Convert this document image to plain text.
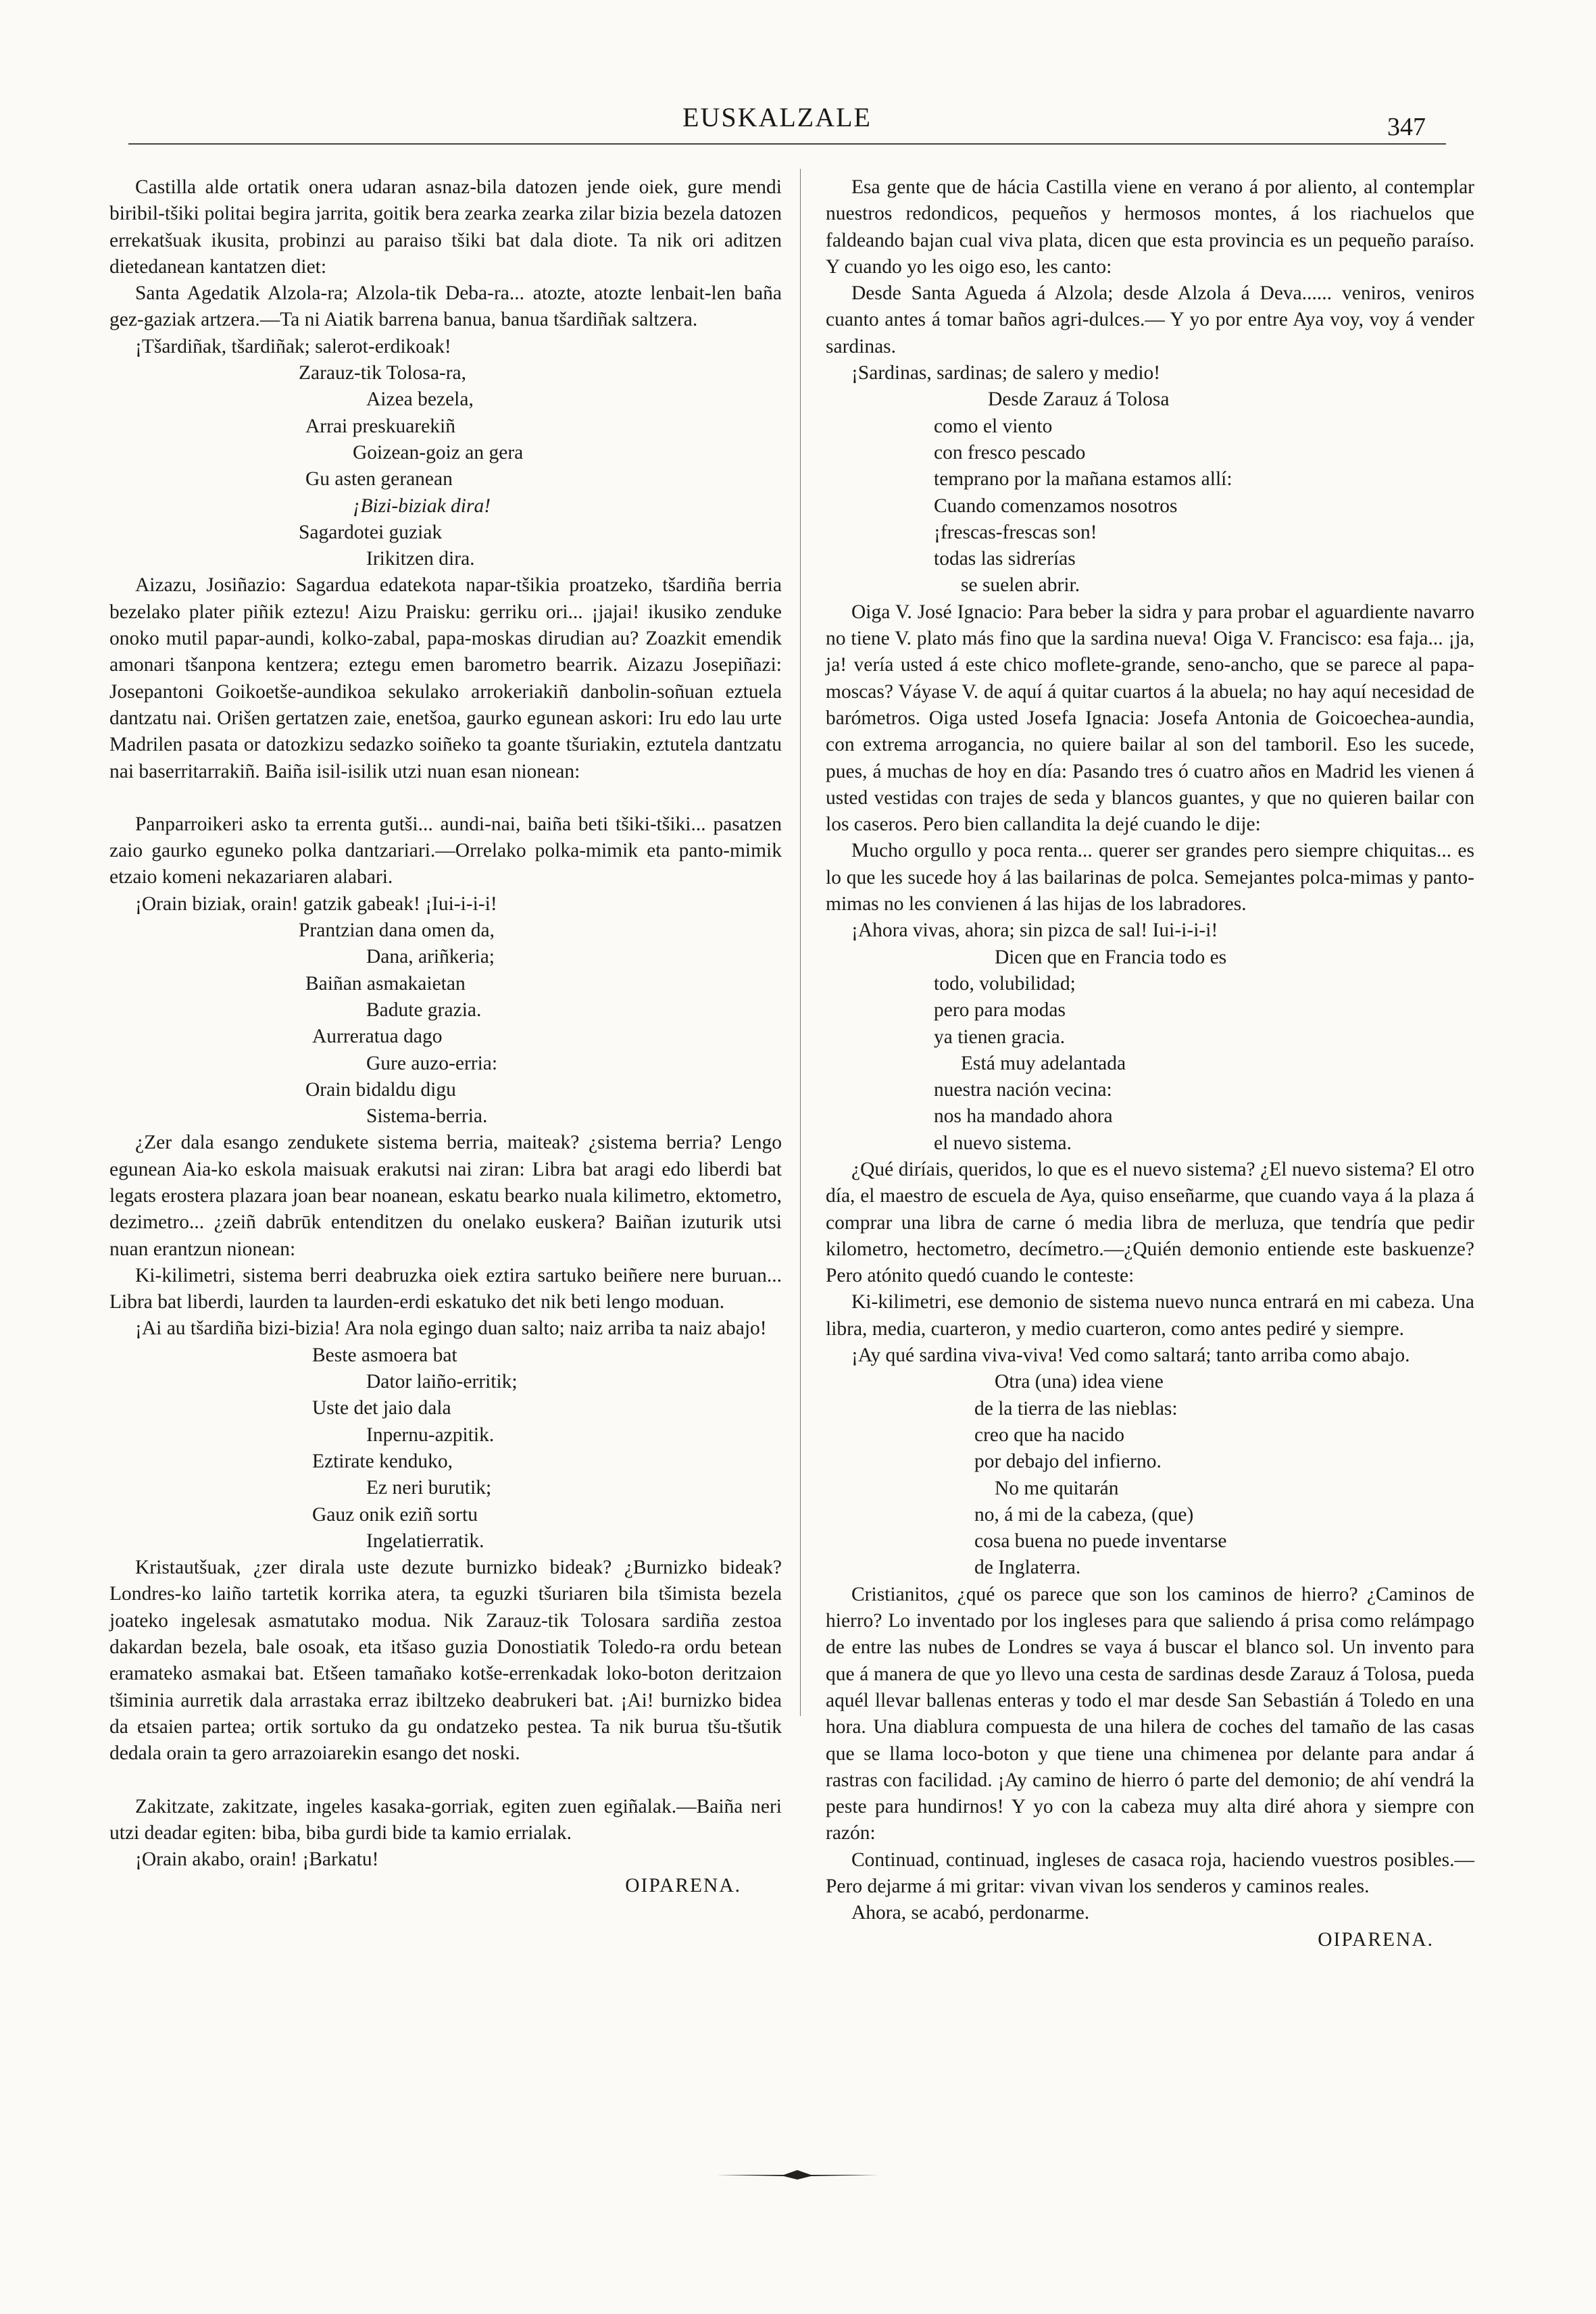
EUSKALZALE	347

Castilla alde ortatik onera udaran asnaz-bila datozen jende oiek, gure mendi biribil-tšiki politai begira jarrita, goitik bera zearka zearka zilar bizia bezela datozen errekatšuak ikusita, probinzi au paraiso tšiki bat dala diote. Ta nik ori aditzen dietedanean kantatzen diet:

Santa Agedatik Alzola-ra; Alzola-tik Deba-ra... atozte, atozte lenbait-len baña gez-gaziak artzera.—Ta ni Aiatik barrena banua, banua tšardiñak saltzera.

¡Tšardiñak, tšardiñak; salerot-erdikoak!

Zarauz-tik Tolosa-ra,
Aizea bezela,
Arrai preskuarekiñ
Goizean-goiz an gera
Gu asten geranean
¡Bizi-biziak dira!
Sagardotei guziak
Irikitzen dira.

Aizazu, Josiñazio: Sagardua edatekota napar-tšikia proatzeko, tšardiña berria bezelako plater piñik eztezu! Aizu Praisku: gerriku ori... ¡jajai! ikusiko zenduke onoko mutil papar-aundi, kolko-zabal, papa-moskas dirudian au? Zoazkit emendik amonari tšanpona kentzera; eztegu emen barometro bearrik. Aizazu Josepiñazi: Josepantoni Goikoetše-aundikoa sekulako arrokeriakiñ danbolin-soñuan eztuela dantzatu nai. Orišen gertatzen zaie, enetšoa, gaurko egunean askori: Iru edo lau urte Madrilen pasata or datozkizu sedazko soiñeko ta goante tšuriakin, eztutela dantzatu nai baserritarrakiñ. Baiña isil-isilik utzi nuan esan nionean:

Panparroikeri asko ta errenta gutši... aundi-nai, baiña beti tšiki-tšiki... pasatzen zaio gaurko eguneko polka dantzariari.—Orrelako polka-mimik eta panto-mimik etzaio komeni nekazariaren alabari.

¡Orain biziak, orain! gatzik gabeak! ¡Iui-i-i-i!

Prantzian dana omen da,
Dana, ariñkeria;
Baiñan asmakaietan
Badute grazia.
Aurreratua dago
Gure auzo-erria:
Orain bidaldu digu
Sistema-berria.

¿Zer dala esango zendukete sistema berria, maiteak? ¿sistema berria? Lengo egunean Aia-ko eskola maisuak erakutsi nai ziran: Libra bat aragi edo liberdi bat legats erostera plazara joan bear noanean, eskatu bearko nuala kilimetro, ektometro, dezimetro... ¿zeiñ dabrūk entenditzen du onelako euskera? Baiñan izuturik utsi nuan erantzun nionean:

Ki-kilimetri, sistema berri deabruzka oiek eztira sartuko beiñere nere buruan... Libra bat liberdi, laurden ta laurden-erdi eskatuko det nik beti lengo moduan.

¡Ai au tšardiña bizi-bizia! Ara nola egingo duan salto; naiz arriba ta naiz abajo!

Beste asmoera bat
Dator laiño-erritik;
Uste det jaio dala
Inpernu-azpitik.
Eztirate kenduko,
Ez neri burutik;
Gauz onik eziñ sortu
Ingelatierratik.

Kristautšuak, ¿zer dirala uste dezute burnizko bideak? ¿Burnizko bideak? Londres-ko laiño tartetik korrika atera, ta eguzki tšuriaren bila tšimista bezela joateko ingelesak asmatutako modua. Nik Zarauz-tik Tolosara sardiña zestoa dakardan bezela, bale osoak, eta itšaso guzia Donostiatik Toledo-ra ordu betean eramateko asmakai bat. Etšeen tamañako kotše-errenkadak loko-boton deritzaion tšiminia aurretik dala arrastaka erraz ibiltzeko deabrukeri bat. ¡Ai! burnizko bidea da etsaien partea; ortik sortuko da gu ondatzeko pestea. Ta nik burua tšu-tšutik dedala orain ta gero arrazoiarekin esango det noski.

Zakitzate, zakitzate, ingeles kasaka-gorriak, egiten zuen egiñalak.—Baiña neri utzi deadar egiten: biba, biba gurdi bide ta kamio errialak.

¡Orain akabo, orain! ¡Barkatu!

OIPARENA.

Esa gente que de hácia Castilla viene en verano á por aliento, al contemplar nuestros redondicos, pequeños y hermosos montes, á los riachuelos que faldeando bajan cual viva plata, dicen que esta provincia es un pequeño paraíso. Y cuando yo les oigo eso, les canto:

Desde Santa Agueda á Alzola; desde Alzola á Deva...... veniros, veniros cuanto antes á tomar baños agri-dulces.— Y yo por entre Aya voy, voy á vender sardinas.

¡Sardinas, sardinas; de salero y medio!

Desde Zarauz á Tolosa
como el viento
con fresco pescado
temprano por la mañana estamos allí:
Cuando comenzamos nosotros
¡frescas-frescas son!
todas las sidrerías
se suelen abrir.

Oiga V. José Ignacio: Para beber la sidra y para probar el aguardiente navarro no tiene V. plato más fino que la sardina nueva! Oiga V. Francisco: esa faja... ¡ja, ja! vería usted á este chico moflete-grande, seno-ancho, que se parece al papa-moscas? Váyase V. de aquí á quitar cuartos á la abuela; no hay aquí necesidad de barómetros. Oiga usted Josefa Ignacia: Josefa Antonia de Goicoechea-aundia, con extrema arrogancia, no quiere bailar al son del tamboril. Eso les sucede, pues, á muchas de hoy en día: Pasando tres ó cuatro años en Madrid les vienen á usted vestidas con trajes de seda y blancos guantes, y que no quieren bailar con los caseros. Pero bien callandita la dejé cuando le dije:

Mucho orgullo y poca renta... querer ser grandes pero siempre chiquitas... es lo que les sucede hoy á las bailarinas de polca. Semejantes polca-mimas y panto-mimas no les convienen á las hijas de los labradores.

¡Ahora vivas, ahora; sin pizca de sal! Iui-i-i-i!

Dicen que en Francia todo es
todo, volubilidad;
pero para modas
ya tienen gracia.
Está muy adelantada
nuestra nación vecina:
nos ha mandado ahora
el nuevo sistema.

¿Qué diríais, queridos, lo que es el nuevo sistema? ¿El nuevo sistema? El otro día, el maestro de escuela de Aya, quiso enseñarme, que cuando vaya á la plaza á comprar una libra de carne ó media libra de merluza, que tendría que pedir kilometro, hectometro, decímetro.—¿Quién demonio entiende este baskuenze? Pero atónito quedó cuando le conteste:

Ki-kilimetri, ese demonio de sistema nuevo nunca entrará en mi cabeza. Una libra, media, cuarteron, y medio cuarteron, como antes pediré y siempre.

¡Ay qué sardina viva-viva! Ved como saltará; tanto arriba como abajo.

Otra (una) idea viene
de la tierra de las nieblas:
creo que ha nacido
por debajo del infierno.
No me quitarán
no, á mi de la cabeza, (que)
cosa buena no puede inventarse
de Inglaterra.

Cristianitos, ¿qué os parece que son los caminos de hierro? ¿Caminos de hierro? Lo inventado por los ingleses para que saliendo á prisa como relámpago de entre las nubes de Londres se vaya á buscar el blanco sol. Un invento para que á manera de que yo llevo una cesta de sardinas desde Zarauz á Tolosa, pueda aquél llevar ballenas enteras y todo el mar desde San Sebastián á Toledo en una hora. Una diablura compuesta de una hilera de coches del tamaño de las casas que se llama loco-boton y que tiene una chimenea por delante para andar á rastras con facilidad. ¡Ay camino de hierro ó parte del demonio; de ahí vendrá la peste para hundirnos! Y yo con la cabeza muy alta diré ahora y siempre con razón:

Continuad, continuad, ingleses de casaca roja, haciendo vuestros posibles.—Pero dejarme á mi gritar: vivan vivan los senderos y caminos reales.

Ahora, se acabó, perdonarme.

OIPARENA.
